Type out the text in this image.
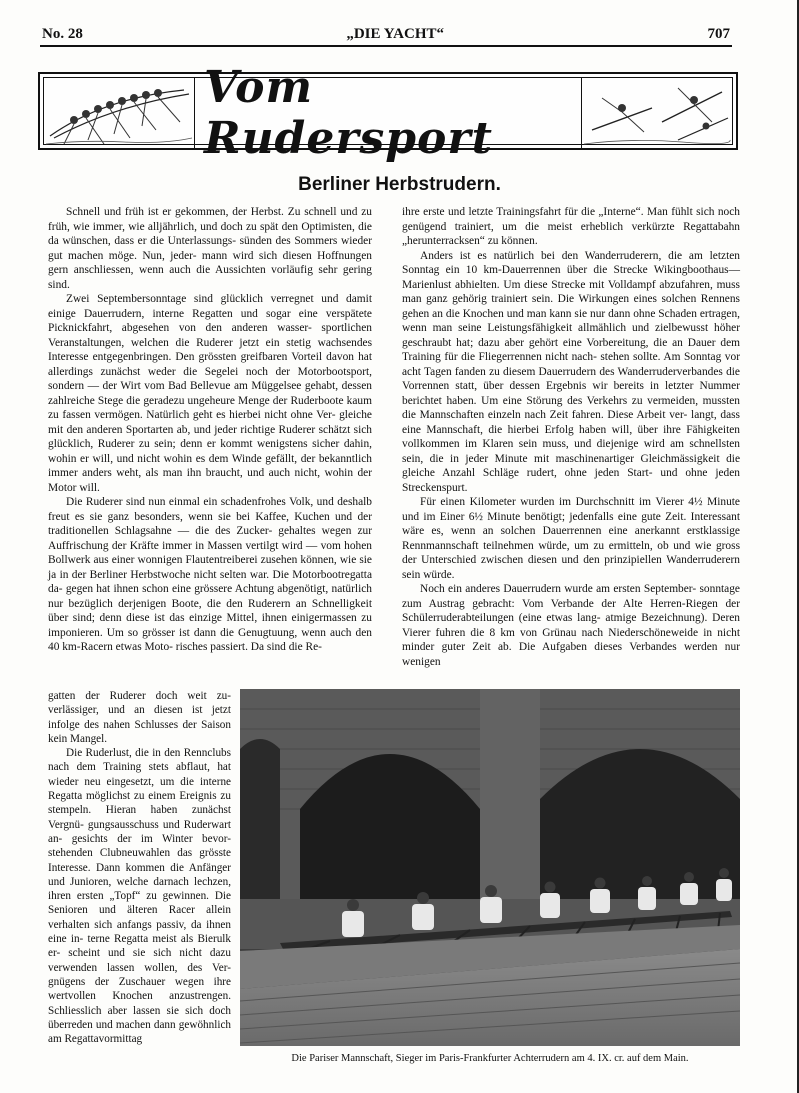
No. 28	„DIE YACHT“	707
Vom Rudersport
Berliner Herbstrudern.

Schnell und früh ist er gekommen, der Herbst. Zu schnell und zu früh, wie immer, wie alljährlich, und doch zu spät den Optimisten, die da wünschen, dass er die Unterlassungs- sünden des Sommers wieder gut machen möge. Nun, jeder- mann wird sich diesen Hoffnungen gern anschliessen, wenn auch die Aussichten vorläufig sehr gering sind.

Zwei Septembersonntage sind glücklich verregnet und damit einige Dauerrudern, interne Regatten und sogar eine verspätete Picknickfahrt, abgesehen von den anderen wasser- sportlichen Veranstaltungen, welchen die Ruderer jetzt ein stetig wachsendes Interesse entgegenbringen. Den grössten greifbaren Vorteil davon hat allerdings zunächst weder die Segelei noch der Motorbootsport, sondern — der Wirt vom Bad Bellevue am Müggelsee gehabt, dessen zahlreiche Stege die geradezu ungeheure Menge der Ruderboote kaum zu fassen vermögen. Natürlich geht es hierbei nicht ohne Ver- gleiche mit den anderen Sportarten ab, und jeder richtige Ruderer schätzt sich glücklich, Ruderer zu sein; denn er kommt wenigstens sicher dahin, wohin er will, und nicht wohin es dem Winde gefällt, der bekanntlich immer anders weht, als man ihn braucht, und auch nicht, wohin der Motor will.

Die Ruderer sind nun einmal ein schadenfrohes Volk, und deshalb freut es sie ganz besonders, wenn sie bei Kaffee, Kuchen und der traditionellen Schlagsahne — die des Zucker- gehaltes wegen zur Auffrischung der Kräfte immer in Massen vertilgt wird — vom hohen Bollwerk aus einer wonnigen Flautentreiberei zusehen können, wie sie ja in der Berliner Herbstwoche nicht selten war. Die Motorbootregatta da- gegen hat ihnen schon eine grössere Achtung abgenötigt, natürlich nur bezüglich derjenigen Boote, die den Ruderern an Schnelligkeit über sind; denn diese ist das einzige Mittel, ihnen einigermassen zu imponieren. Um so grösser ist dann die Genugtuung, wenn auch den 40 km-Racern etwas Moto- risches passiert. Da sind die Re-

gatten der Ruderer doch weit zu- verlässiger, und an diesen ist jetzt infolge des nahen Schlusses der Saison kein Mangel.

Die Ruderlust, die in den Rennclubs nach dem Training stets abflaut, hat wieder neu eingesetzt, um die interne Regatta möglichst zu einem Ereignis zu stempeln. Hieran haben zunächst Vergnü- gungsausschuss und Ruderwart an- gesichts der im Winter bevor- stehenden Clubneuwahlen das grösste Interesse. Dann kommen die Anfänger und Junioren, welche darnach lechzen, ihren ersten „Topf“ zu gewinnen. Die Senioren und älteren Racer allein verhalten sich anfangs passiv, da ihnen eine in- terne Regatta meist als Bierulk er- scheint und sie sich nicht dazu verwenden lassen wollen, des Ver- gnügens der Zuschauer wegen ihre wertvollen Knochen anzustrengen. Schliesslich aber lassen sie sich doch überreden und machen dann gewöhnlich am Regattavormittag

ihre erste und letzte Trainingsfahrt für die „Interne“. Man fühlt sich noch genügend trainiert, um die meist erheblich verkürzte Regattabahn „herunterracksen“ zu können.

Anders ist es natürlich bei den Wanderruderern, die am letzten Sonntag ein 10 km-Dauerrennen über die Strecke Wikingboothaus—Marienlust abhielten. Um diese Strecke mit Volldampf abzufahren, muss man ganz gehörig trainiert sein. Die Wirkungen eines solchen Rennens gehen an die Knochen und man kann sie nur dann ohne Schaden ertragen, wenn man seine Leistungsfähigkeit allmählich und zielbewusst höher geschraubt hat; dazu aber gehört eine Vorbereitung, die an Dauer dem Training für die Fliegerrennen nicht nach- stehen sollte. Am Sonntag vor acht Tagen fanden zu diesem Dauerrudern des Wanderruderverbandes die Vorrennen statt, über dessen Ergebnis wir bereits in letzter Nummer berichtet haben. Um eine Störung des Verkehrs zu vermeiden, mussten die Mannschaften einzeln nach Zeit fahren. Diese Arbeit ver- langt, dass eine Mannschaft, die hierbei Erfolg haben will, über ihre Fähigkeiten vollkommen im Klaren sein muss, und diejenige wird am schnellsten sein, die in jeder Minute mit maschinenartiger Gleichmässigkeit die gleiche Anzahl Schläge rudert, ohne jeden Start- und ohne jeden Streckenspurt.

Für einen Kilometer wurden im Durchschnitt im Vierer 4½ Minute und im Einer 6½ Minute benötigt; jedenfalls eine gute Zeit. Interessant wäre es, wenn an solchen Dauerrennen eine anerkannt erstklassige Rennmannschaft teilnehmen würde, um zu ermitteln, ob und wie gross der Unterschied zwischen diesen und den prinzipiellen Wanderruderern sein würde.

Noch ein anderes Dauerrudern wurde am ersten September- sonntage zum Austrag gebracht: Vom Verbande der Alte Herren-Riegen der Schülerruderabteilungen (eine etwas lang- atmige Bezeichnung). Deren Vierer fuhren die 8 km von Grünau nach Niederschöneweide in nicht minder guter Zeit ab. Die Aufgaben dieses Verbandes werden nur wenigen

Die Pariser Mannschaft, Sieger im Paris-Frankfurter Achterrudern am 4. IX. cr. auf dem Main.
